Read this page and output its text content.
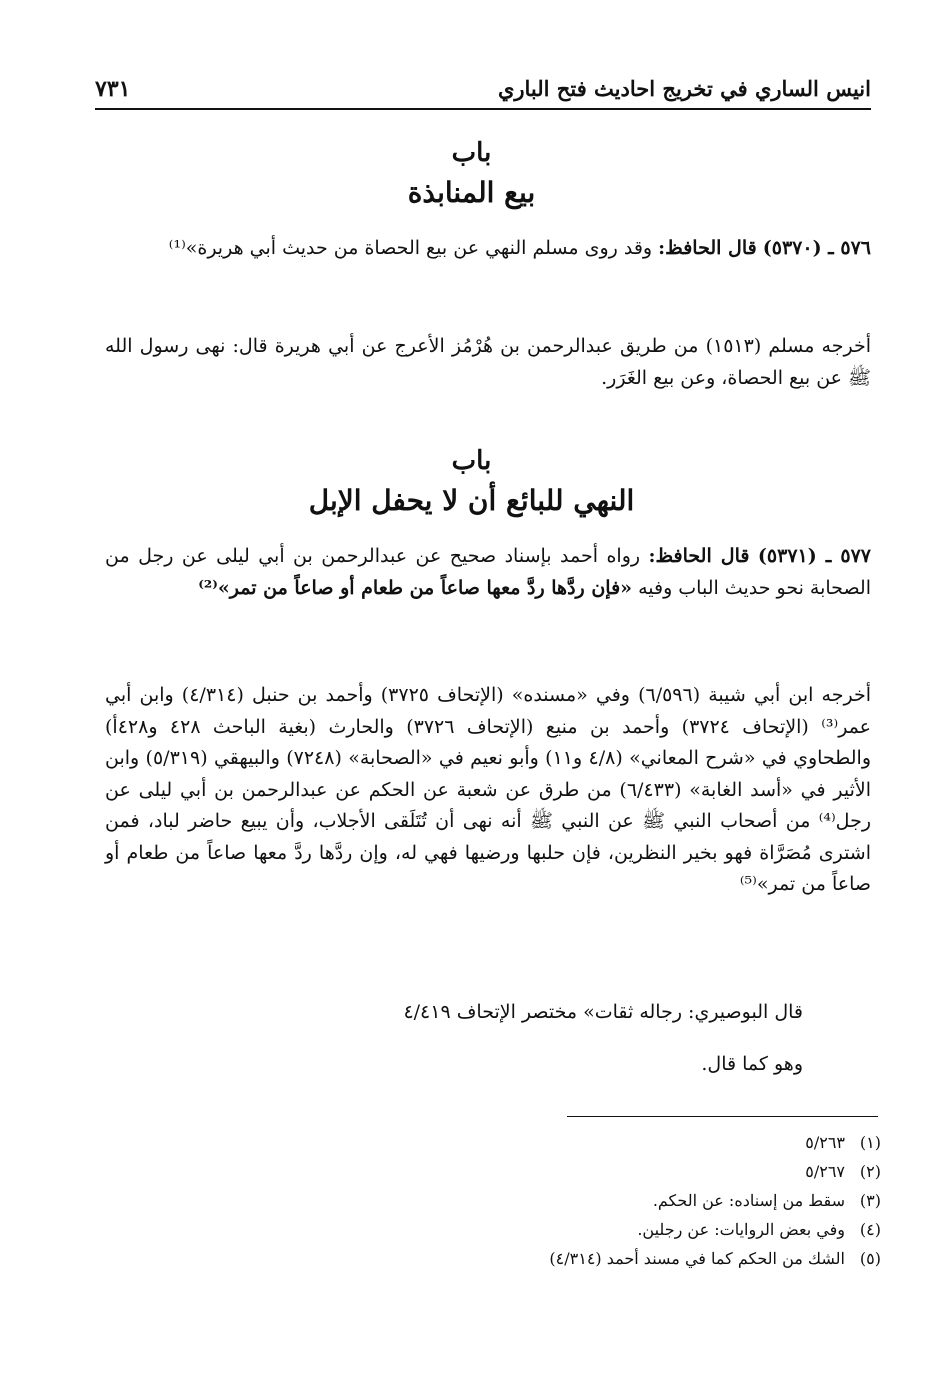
انيس الساري في تخريج احاديث فتح الباري
٧٣١
باب
بيع المنابذة
٥٧٦ ـ (٥٣٧٠) قال الحافظ: وقد روى مسلم النهي عن بيع الحصاة من حديث أبي هريرة»⁽¹⁾
أخرجه مسلم (١٥١٣) من طريق عبدالرحمن بن هُرْمُز الأعرج عن أبي هريرة قال: نهى رسول الله ﷺ عن بيع الحصاة، وعن بيع الغَرَر.
باب
النهي للبائع أن لا يحفل الإبل
٥٧٧ ـ (٥٣٧١) قال الحافظ: رواه أحمد بإسناد صحيح عن عبدالرحمن بن أبي ليلى عن رجل من الصحابة نحو حديث الباب وفيه «فإن ردَّها ردَّ معها صاعاً من طعام أو صاعاً من تمر»⁽²⁾
أخرجه ابن أبي شيبة (٦/٥٩٦) وفي «مسنده» (الإتحاف ٣٧٢٥) وأحمد بن حنبل (٤/٣١٤) وابن أبي عمر⁽³⁾ (الإتحاف ٣٧٢٤) وأحمد بن منيع (الإتحاف ٣٧٢٦) والحارث (بغية الباحث ٤٢٨ و٤٢٨أ) والطحاوي في «شرح المعاني» (٤/٨ و١١) وأبو نعيم في «الصحابة» (٧٢٤٨) والبيهقي (٥/٣١٩) وابن الأثير في «أسد الغابة» (٦/٤٣٣) من طرق عن شعبة عن الحكم عن عبدالرحمن بن أبي ليلى عن رجل⁽⁴⁾ من أصحاب النبي ﷺ عن النبي ﷺ أنه نهى أن تُتَلَقى الأجلاب، وأن يبيع حاضر لباد، فمن اشترى مُصَرَّاة فهو بخير النظرين، فإن حلبها ورضيها فهي له، وإن ردَّها ردَّ معها صاعاً من طعام أو صاعاً من تمر»⁽⁵⁾
قال البوصيري: رجاله ثقات» مختصر الإتحاف ٤/٤١٩
وهو كما قال.
(١)٥/٢٦٣
(٢)٥/٢٦٧
(٣)سقط من إسناده: عن الحكم.
(٤)وفي بعض الروايات: عن رجلين.
(٥)الشك من الحكم كما في مسند أحمد (٤/٣١٤)
